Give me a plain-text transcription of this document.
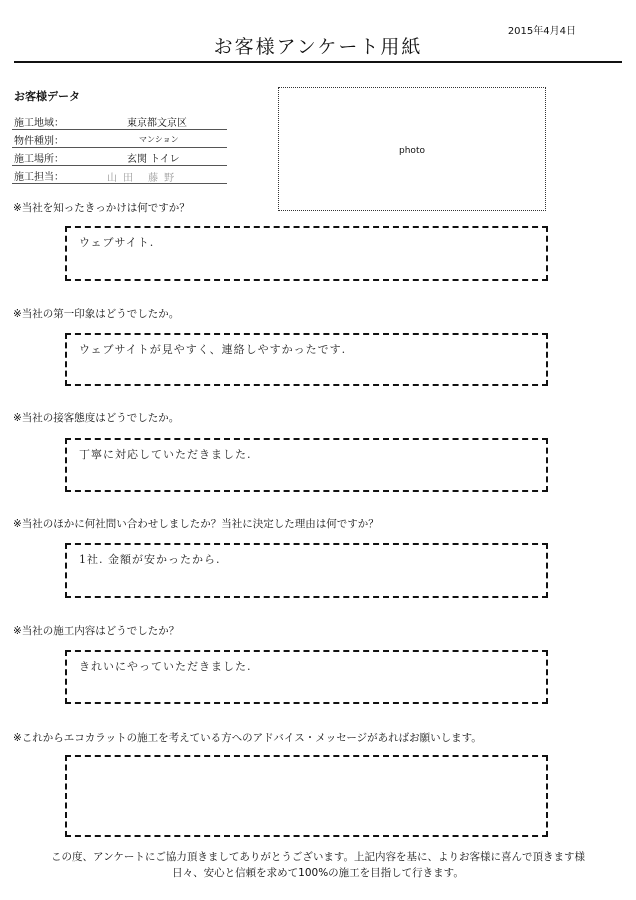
2015年4月4日
お客様アンケート用紙
お客様データ
施工地域：	東京都文京区
物件種別：	マンション
施工場所：	玄関 トイレ
施工担当：	山田 藤野
photo
※当社を知ったきっかけは何ですか？
ウェブサイト.
※当社の第一印象はどうでしたか。
ウェブサイトが見やすく、連絡しやすかったです.
※当社の接客態度はどうでしたか。
丁寧に対応していただきました.
※当社のほかに何社問い合わせしましたか？当社に決定した理由は何ですか？
1社. 金額が安かったから.
※当社の施工内容はどうでしたか？
きれいにやっていただきました.
※これからエコカラットの施工を考えている方へのアドバイス・メッセージがあればお願いします。
この度、アンケートにご協力頂きましてありがとうございます。上記内容を基に、よりお客様に喜んで頂きます様
日々、安心と信頼を求めて100%の施工を目指して行きます。
